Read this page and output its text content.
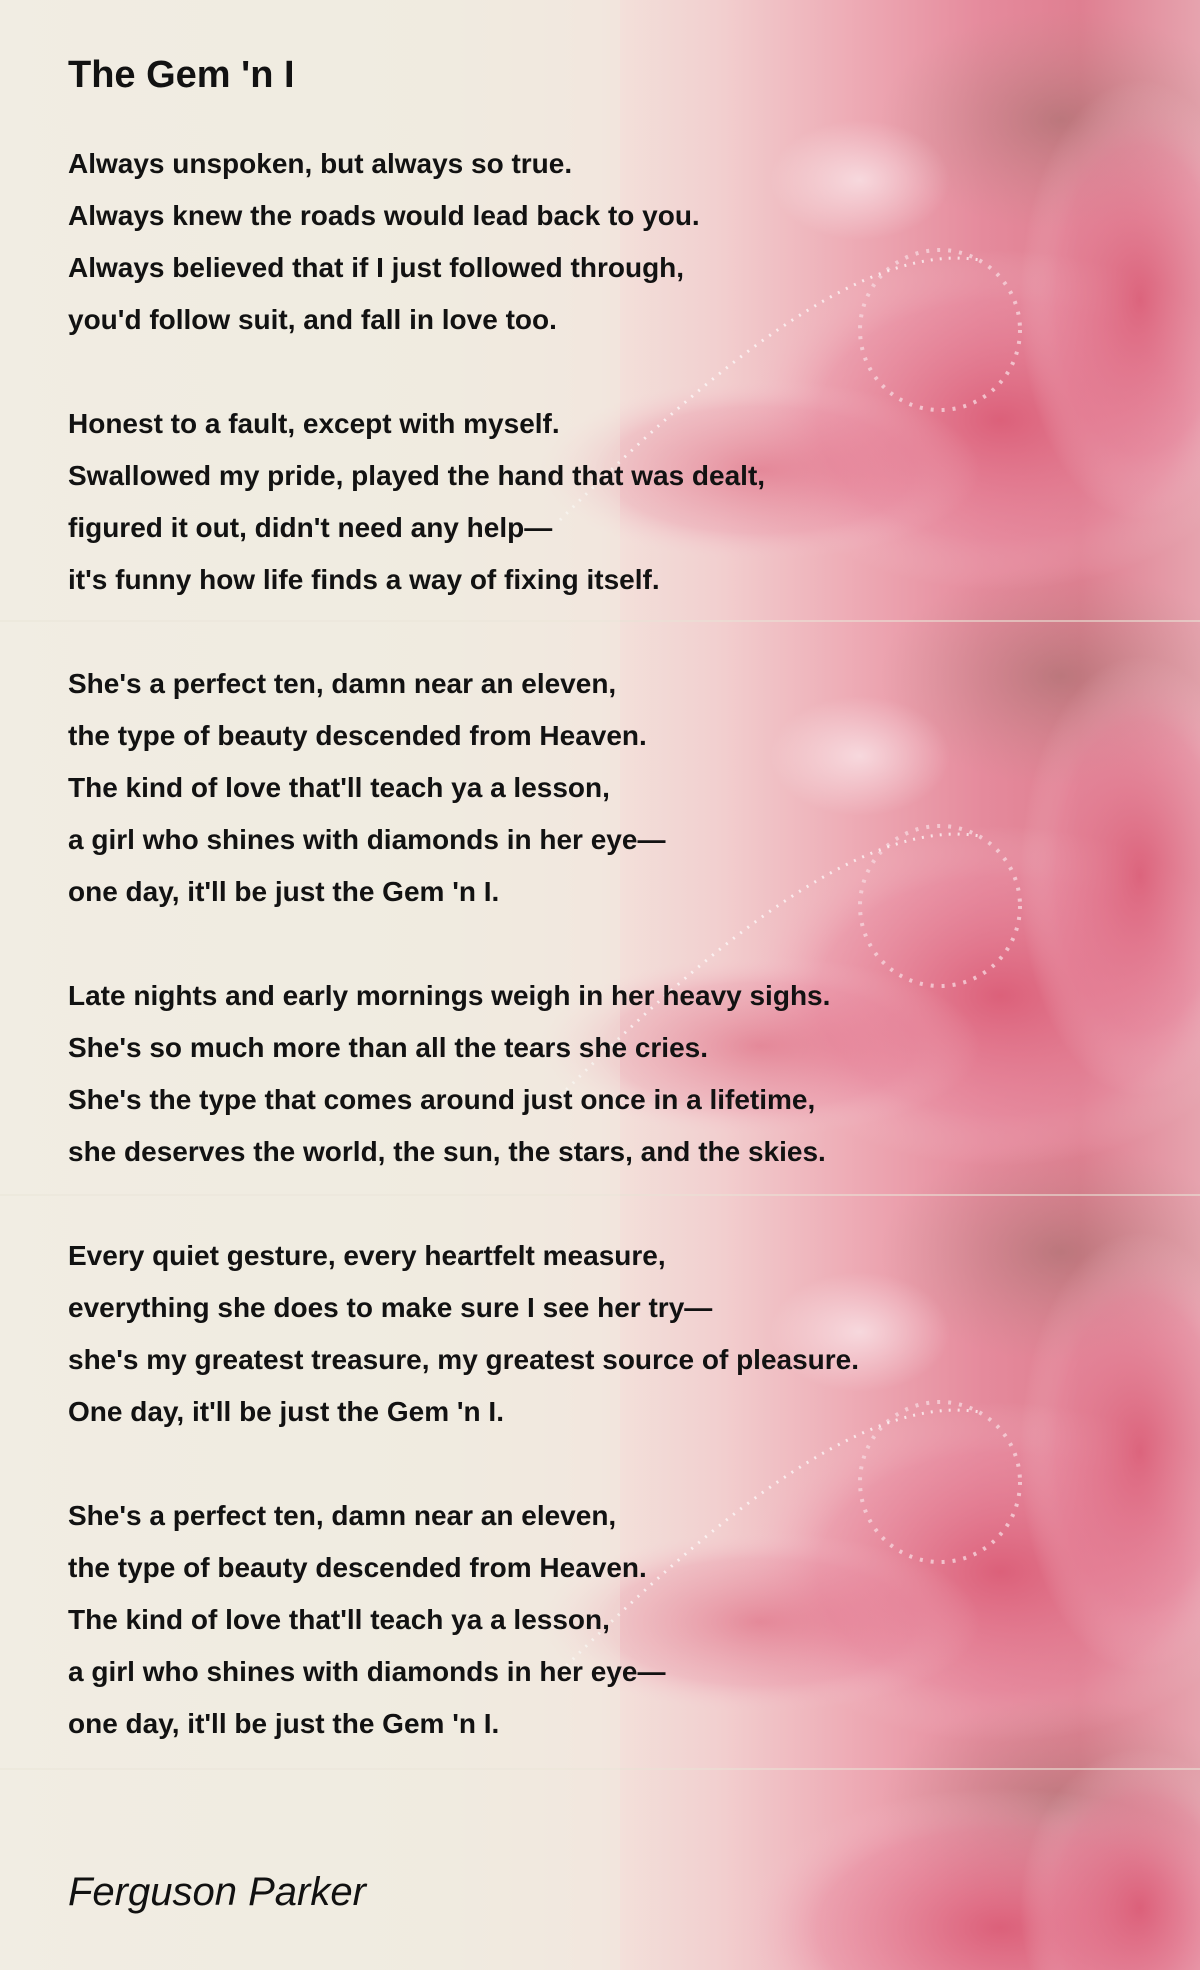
The Gem 'n I
Always unspoken, but always so true.
Always knew the roads would lead back to you.
Always believed that if I just followed through,
you'd follow suit, and fall in love too.
Honest to a fault, except with myself.
Swallowed my pride, played the hand that was dealt,
figured it out, didn't need any help—
it's funny how life finds a way of fixing itself.
She's a perfect ten, damn near an eleven,
the type of beauty descended from Heaven.
The kind of love that'll teach ya a lesson,
a girl who shines with diamonds in her eye—
one day, it'll be just the Gem 'n I.
Late nights and early mornings weigh in her heavy sighs.
She's so much more than all the tears she cries.
She's the type that comes around just once in a lifetime,
she deserves the world, the sun, the stars, and the skies.
Every quiet gesture, every heartfelt measure,
everything she does to make sure I see her try—
she's my greatest treasure, my greatest source of pleasure.
One day, it'll be just the Gem 'n I.
She's a perfect ten, damn near an eleven,
the type of beauty descended from Heaven.
The kind of love that'll teach ya a lesson,
a girl who shines with diamonds in her eye—
one day, it'll be just the Gem 'n I.
Ferguson Parker
